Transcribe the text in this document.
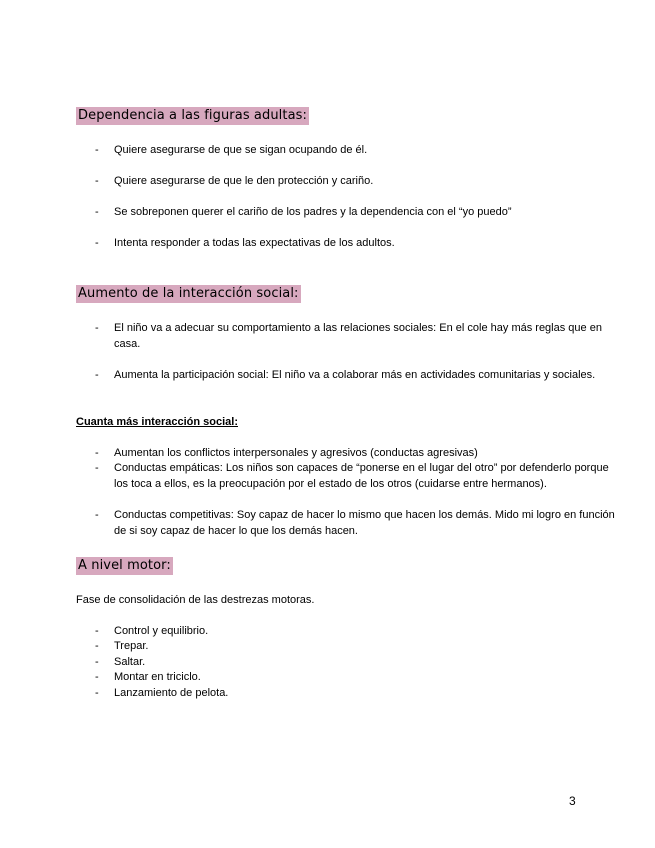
Dependencia a las figuras adultas:
- Quiere asegurarse de que se sigan ocupando de él.
- Quiere asegurarse de que le den protección y cariño.
- Se sobreponen querer el cariño de los padres y la dependencia con el “yo puedo”
- Intenta responder a todas las expectativas de los adultos.
Aumento de la interacción social:
- El niño va a adecuar su comportamiento a las relaciones sociales: En el cole hay más reglas que en casa.
- Aumenta la participación social: El niño va a colaborar más en actividades comunitarias y sociales.
Cuanta más interacción social:
- Aumentan los conflictos interpersonales y agresivos (conductas agresivas)
- Conductas empáticas: Los niños son capaces de “ponerse en el lugar del otro” por defenderlo porque los toca a ellos, es la preocupación por el estado de los otros (cuidarse entre hermanos).
- Conductas competitivas: Soy capaz de hacer lo mismo que hacen los demás. Mido mi logro en función de si soy capaz de hacer lo que los demás hacen.
A nivel motor:
Fase de consolidación de las destrezas motoras.
- Control y equilibrio.
- Trepar.
- Saltar.
- Montar en triciclo.
- Lanzamiento de pelota.
3
